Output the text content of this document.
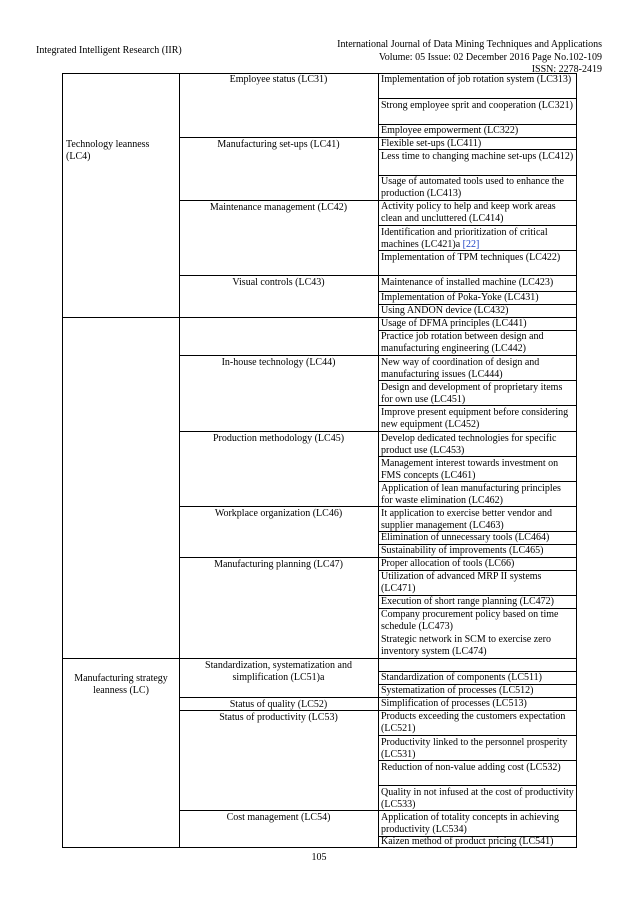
Integrated Intelligent Research (IIR)
International Journal of Data Mining Techniques and Applications
Volume: 05 Issue: 02 December 2016 Page No.102-109
ISSN: 2278-2419
Technology leanness (LC4)
Manufacturing strategy leanness (LC)
Employee status (LC31)
Manufacturing set-ups (LC41)
Maintenance management (LC42)
Visual controls (LC43)
In-house technology (LC44)
Production methodology (LC45)
Workplace organization (LC46)
Manufacturing planning (LC47)
Standardization, systematization and simplification (LC51)a
Status of quality (LC52)
Status of productivity (LC53)
Cost management (LC54)
Implementation of job rotation system (LC313)
Strong employee sprit and cooperation (LC321)
Employee empowerment (LC322)
Flexible set-ups (LC411)
Less time to changing machine set-ups (LC412)
Usage of automated tools used to enhance the production (LC413)
Activity policy to help and keep work areas clean and uncluttered (LC414)
Identification and prioritization of critical machines (LC421)a [22]
Implementation of TPM techniques (LC422)
Maintenance of installed machine (LC423)
Implementation of Poka-Yoke (LC431)
Using ANDON device (LC432)
Usage of DFMA principles (LC441)
Practice job rotation between design and manufacturing engineering (LC442)
New way of coordination of design and manufacturing issues (LC444)
Design and development of proprietary items for own use (LC451)
Improve present equipment before considering new equipment (LC452)
Develop dedicated technologies for specific product use (LC453)
Management interest towards investment on FMS concepts (LC461)
Application of lean manufacturing principles for waste elimination (LC462)
It application to exercise better vendor and supplier management (LC463)
Elimination of unnecessary tools (LC464)
Sustainability of improvements (LC465)
Proper allocation of tools (LC66)
Utilization of advanced MRP II systems (LC471)
Execution of short range planning (LC472)
Company procurement policy based on time schedule (LC473)
Strategic network in SCM to exercise zero inventory system (LC474)
Standardization of components (LC511)
Systematization of processes (LC512)
Simplification of processes (LC513)
Products exceeding the customers expectation (LC521)
Productivity linked to the personnel prosperity (LC531)
Reduction of non-value adding cost (LC532)
Quality in not infused at the cost of productivity (LC533)
Application of totality concepts in achieving productivity (LC534)
Kaizen method of product pricing (LC541)
105
